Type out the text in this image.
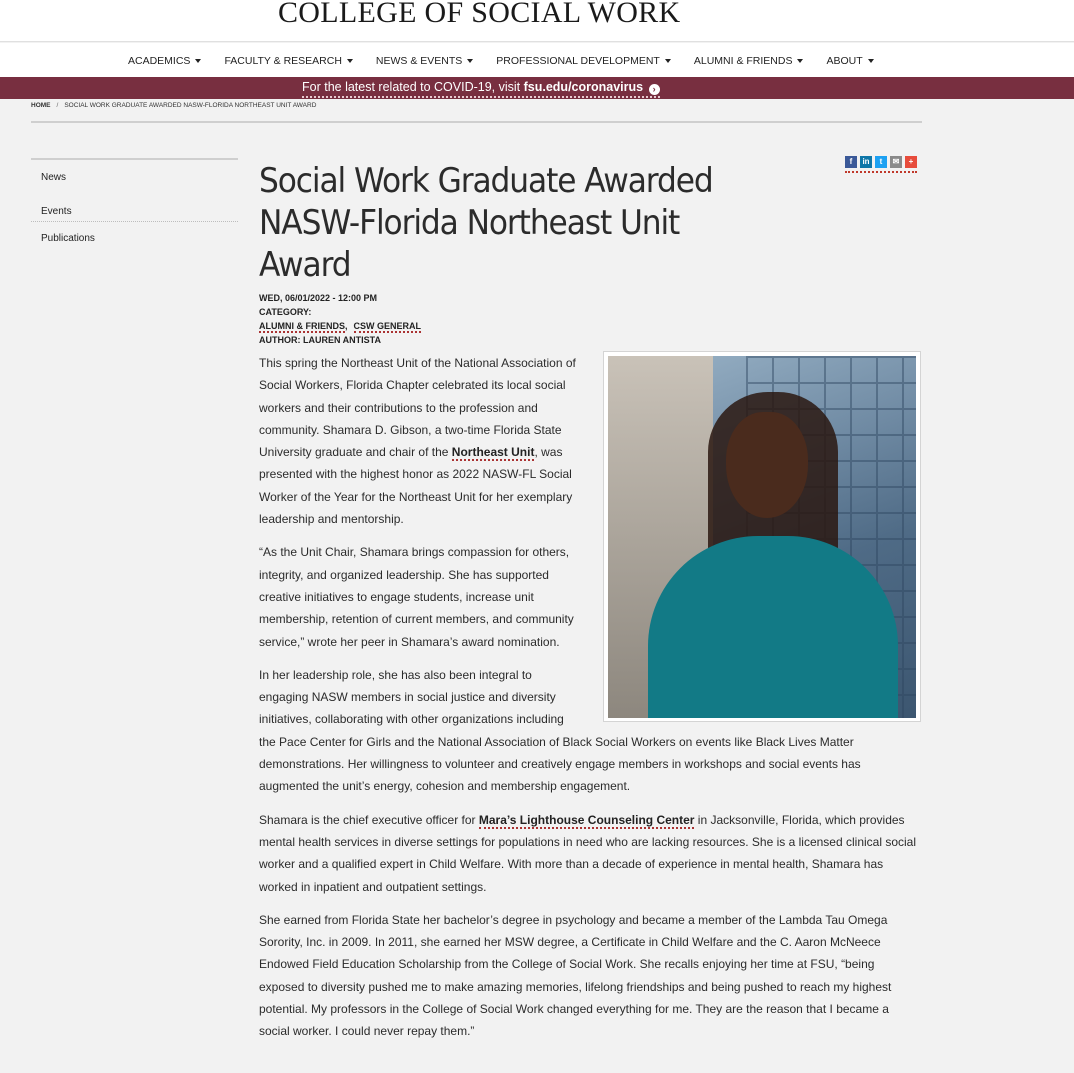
COLLEGE OF SOCIAL WORK
ACADEMICS	FACULTY & RESEARCH	NEWS & EVENTS	PROFESSIONAL DEVELOPMENT	ALUMNI & FRIENDS	ABOUT
For the latest related to COVID-19, visit fsu.edu/coronavirus ›
HOME / SOCIAL WORK GRADUATE AWARDED NASW-FLORIDA NORTHEAST UNIT AWARD
News
Events
Publications
f	in	t	✉	+
Social Work Graduate Awarded NASW-Florida Northeast Unit Award
WED, 06/01/2022 - 12:00 PM
CATEGORY:
ALUMNI & FRIENDS, CSW GENERAL
AUTHOR: LAUREN ANTISTA

This spring the Northeast Unit of the National Association of Social Workers, Florida Chapter celebrated its local social workers and their contributions to the profession and community. Shamara D. Gibson, a two-time Florida State University graduate and chair of the Northeast Unit, was presented with the highest honor as 2022 NASW-FL Social Worker of the Year for the Northeast Unit for her exemplary leadership and mentorship.

“As the Unit Chair, Shamara brings compassion for others, integrity, and organized leadership. She has supported creative initiatives to engage students, increase unit membership, retention of current members, and community service,” wrote her peer in Shamara’s award nomination.

In her leadership role, she has also been integral to engaging NASW members in social justice and diversity initiatives, collaborating with other organizations including
the Pace Center for Girls and the National Association of Black Social Workers on events like Black Lives Matter demonstrations. Her willingness to volunteer and creatively engage members in workshops and social events has augmented the unit’s energy, cohesion and membership engagement.

Shamara is the chief executive officer for Mara’s Lighthouse Counseling Center in Jacksonville, Florida, which provides mental health services in diverse settings for populations in need who are lacking resources. She is a licensed clinical social worker and a qualified expert in Child Welfare. With more than a decade of experience in mental health, Shamara has worked in inpatient and outpatient settings.

She earned from Florida State her bachelor’s degree in psychology and became a member of the Lambda Tau Omega Sorority, Inc. in 2009. In 2011, she earned her MSW degree, a Certificate in Child Welfare and the C. Aaron McNeece Endowed Field Education Scholarship from the College of Social Work. She recalls enjoying her time at FSU, “being exposed to diversity pushed me to make amazing memories, lifelong friendships and being pushed to reach my highest potential. My professors in the College of Social Work changed everything for me. They are the reason that I became a social worker. I could never repay them.”
